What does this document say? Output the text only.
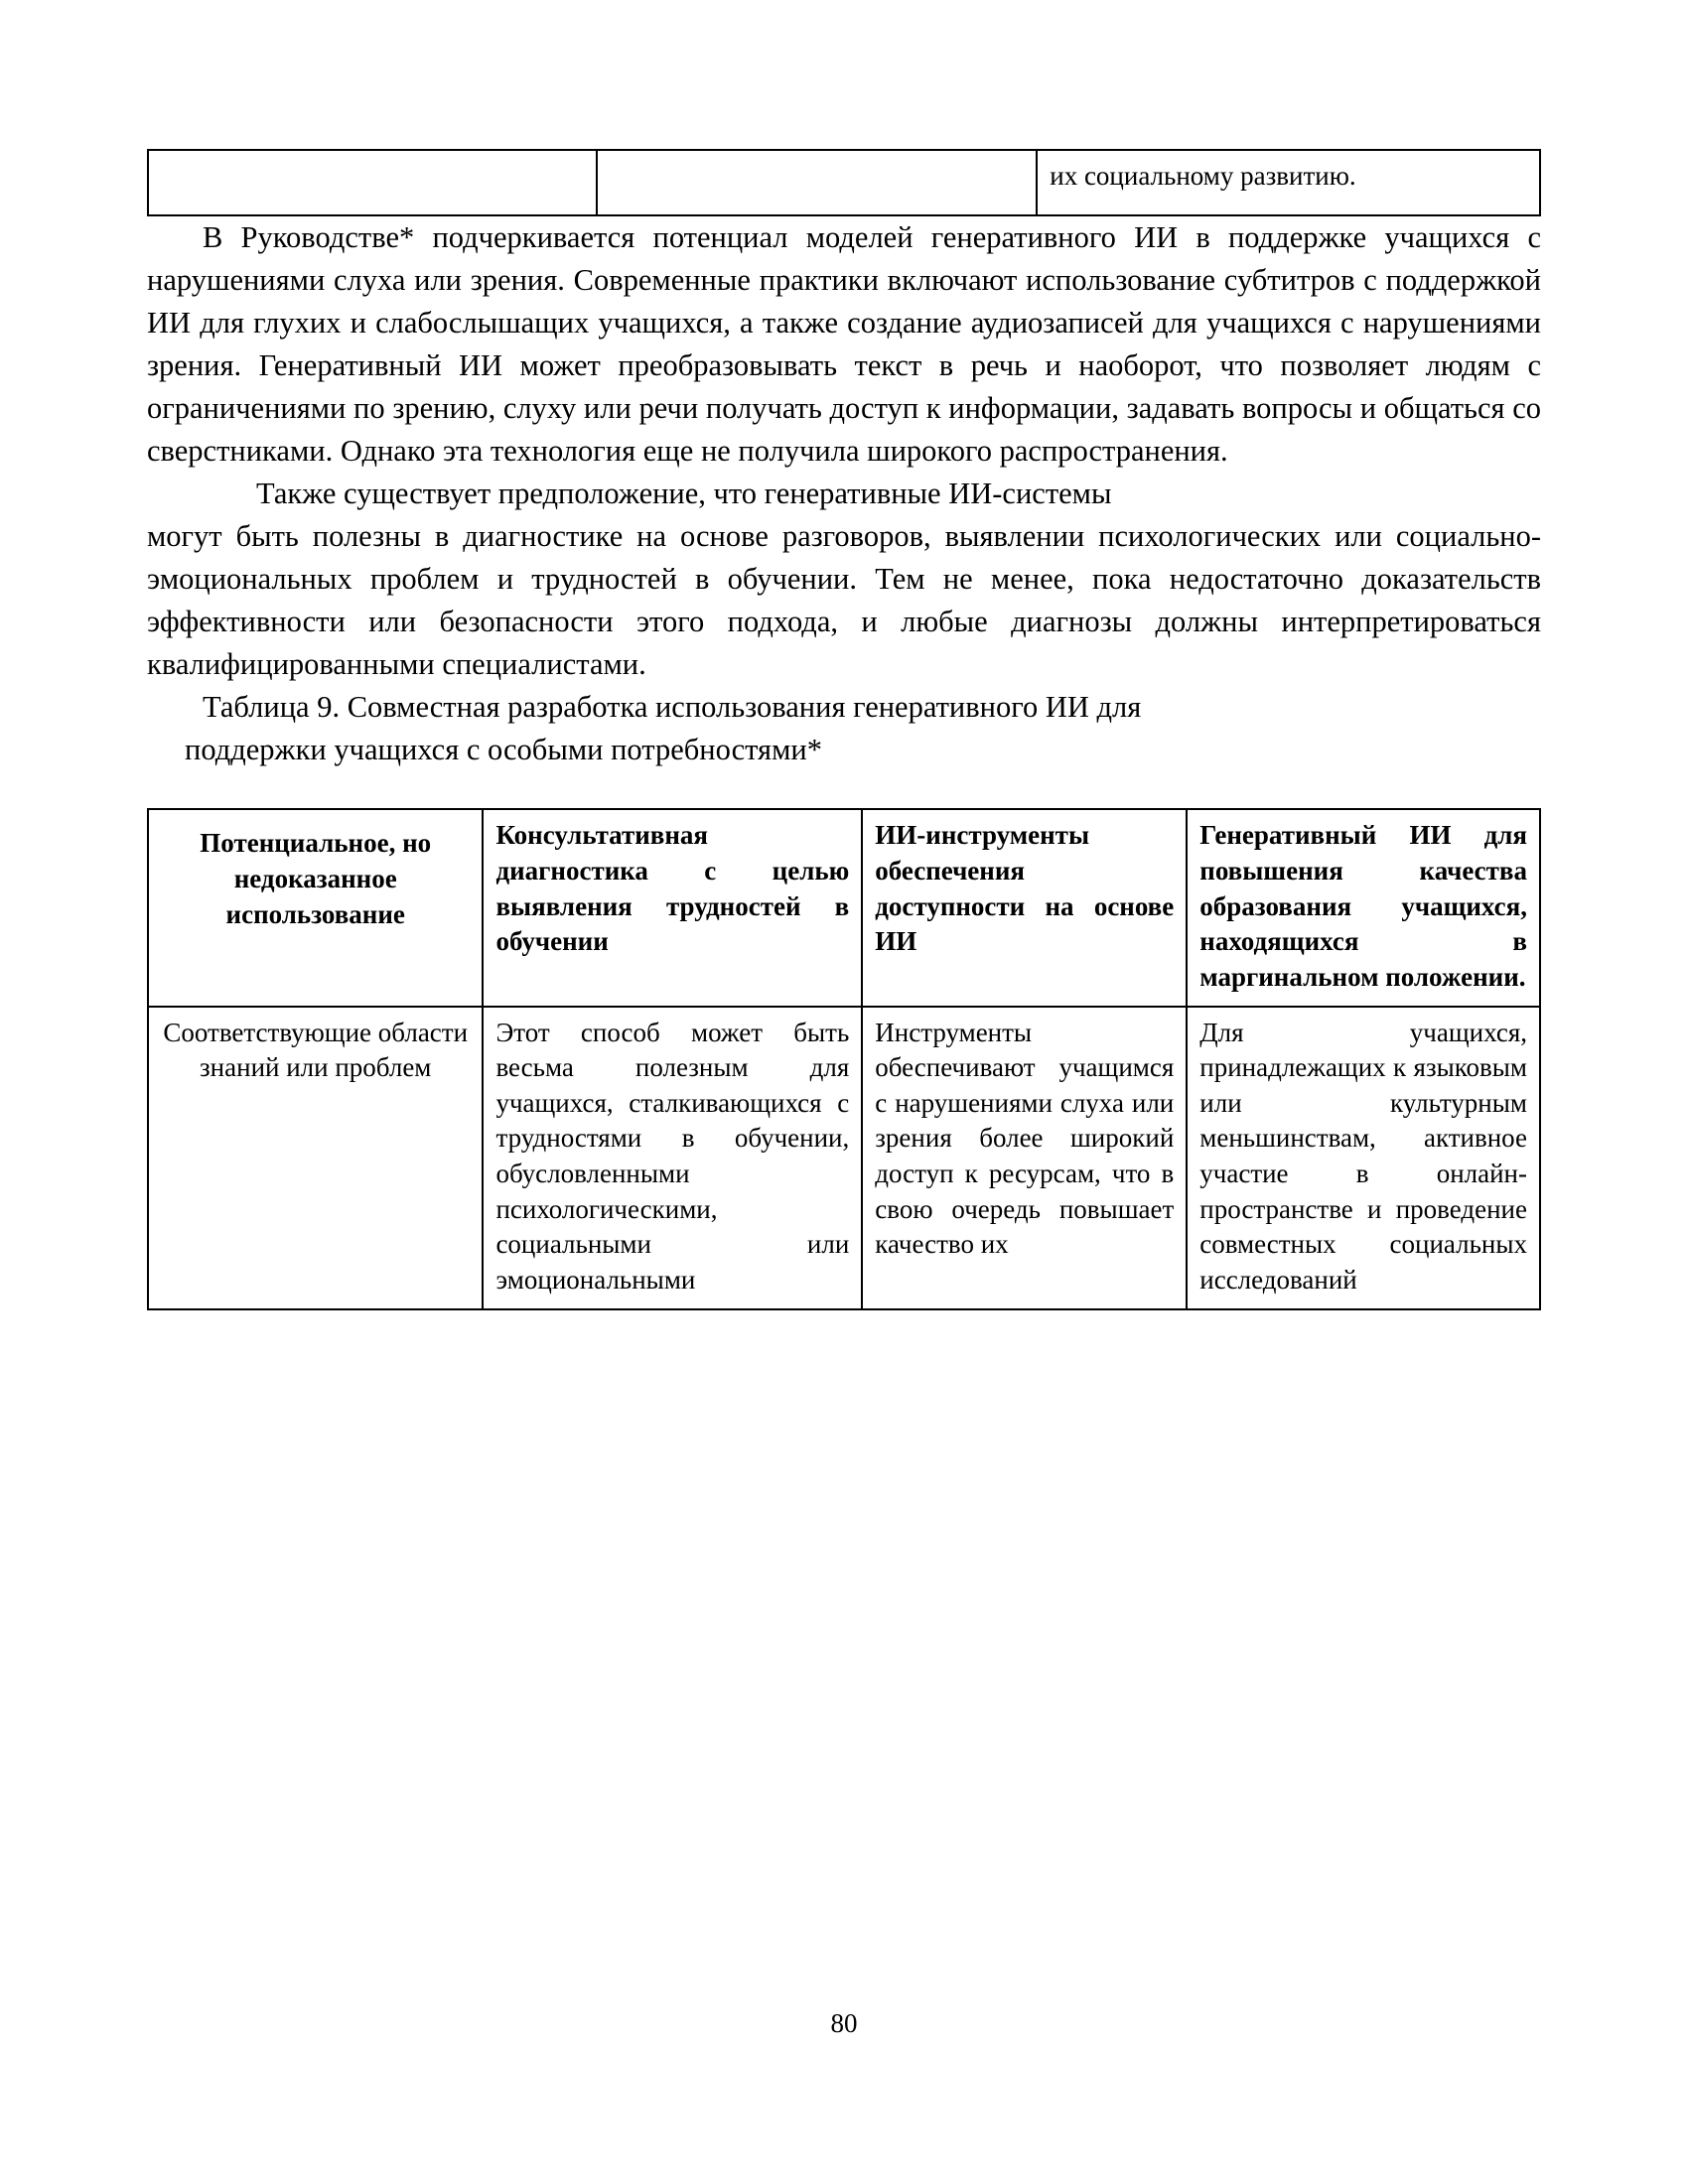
		их социальному развитию.

В Руководстве* подчеркивается потенциал моделей генеративного ИИ в поддержке учащихся с нарушениями слуха или зрения. Современные практики включают использование субтитров с поддержкой ИИ для глухих и слабослышащих учащихся, а также создание аудиозаписей для учащихся с нарушениями зрения. Генеративный ИИ может преобразовывать текст в речь и наоборот, что позволяет людям с ограничениями по зрению, слуху или речи получать доступ к информации, задавать вопросы и общаться со сверстниками. Однако эта технология еще не получила широкого распространения.

Также существует предположение, что генеративные ИИ-системы

могут быть полезны в диагностике на основе разговоров, выявлении психологических или социально-эмоциональных проблем и трудностей в обучении. Тем не менее, пока недостаточно доказательств эффективности или безопасности этого подхода, и любые диагнозы должны интерпретироваться квалифицированными специалистами.

Таблица 9. Совместная разработка использования генеративного ИИ для
поддержки учащихся с особыми потребностями*

Потенциальное, но недоказанное использование	Консультативная диагностика с целью выявления трудностей в обучении	ИИ-инструменты обеспечения доступности на основе ИИ	Генеративный ИИ для повышения качества образования учащихся, находящихся в маргинальном положении.
Соответствующие области знаний или проблем	Этот способ может быть весьма полезным для учащихся, сталкивающихся с трудностями в обучении, обусловленными психологическими, социальными или эмоциональными	Инструменты обеспечивают учащимся с нарушениями слуха или зрения более широкий доступ к ресурсам, что в свою очередь повышает качество их	Для учащихся, принадлежащих к языковым или культурным меньшинствам, активное участие в онлайн-пространстве и проведение совместных социальных исследований
80
